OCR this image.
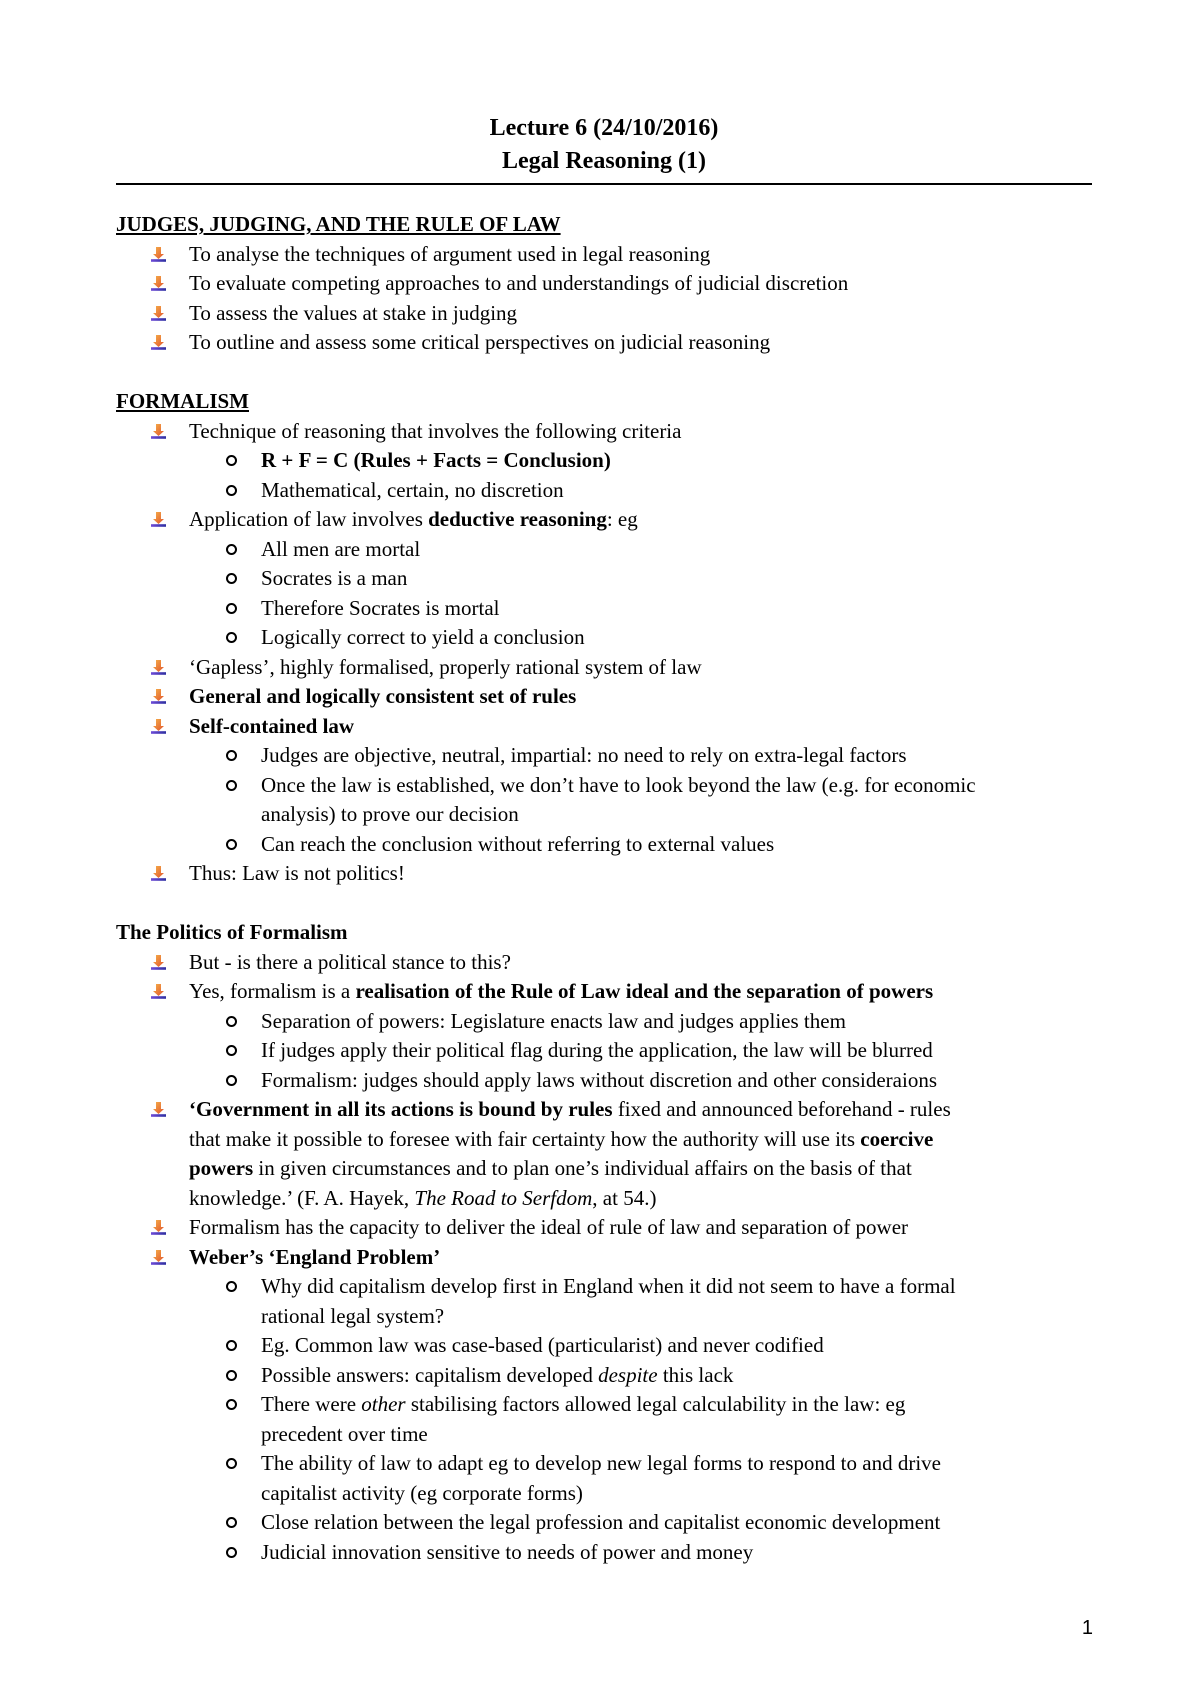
Lecture 6 (24/10/2016)
Legal Reasoning (1)
JUDGES, JUDGING, AND THE RULE OF LAW
To analyse the techniques of argument used in legal reasoning
To evaluate competing approaches to and understandings of judicial discretion
To assess the values at stake in judging
To outline and assess some critical perspectives on judicial reasoning
FORMALISM
Technique of reasoning that involves the following criteria
R + F = C (Rules + Facts = Conclusion)
Mathematical, certain, no discretion
Application of law involves deductive reasoning: eg
All men are mortal
Socrates is a man
Therefore Socrates is mortal
Logically correct to yield a conclusion
‘Gapless’, highly formalised, properly rational system of law
General and logically consistent set of rules
Self-contained law
Judges are objective, neutral, impartial: no need to rely on extra-legal factors
Once the law is established, we don’t have to look beyond the law (e.g. for economic
analysis) to prove our decision
Can reach the conclusion without referring to external values
Thus: Law is not politics!
The Politics of Formalism
But - is there a political stance to this?
Yes, formalism is a realisation of the Rule of Law ideal and the separation of powers
Separation of powers: Legislature enacts law and judges applies them
If judges apply their political flag during the application, the law will be blurred
Formalism: judges should apply laws without discretion and other consideraions
‘Government in all its actions is bound by rules fixed and announced beforehand - rules
that make it possible to foresee with fair certainty how the authority will use its coercive
powers in given circumstances and to plan one’s individual affairs on the basis of that
knowledge.’ (F. A. Hayek, The Road to Serfdom, at 54.)
Formalism has the capacity to deliver the ideal of rule of law and separation of power
Weber’s ‘England Problem’
Why did capitalism develop first in England when it did not seem to have a formal
rational legal system?
Eg. Common law was case-based (particularist) and never codified
Possible answers: capitalism developed despite this lack
There were other stabilising factors allowed legal calculability in the law: eg
precedent over time
The ability of law to adapt eg to develop new legal forms to respond to and drive
capitalist activity (eg corporate forms)
Close relation between the legal profession and capitalist economic development
Judicial innovation sensitive to needs of power and money
1
